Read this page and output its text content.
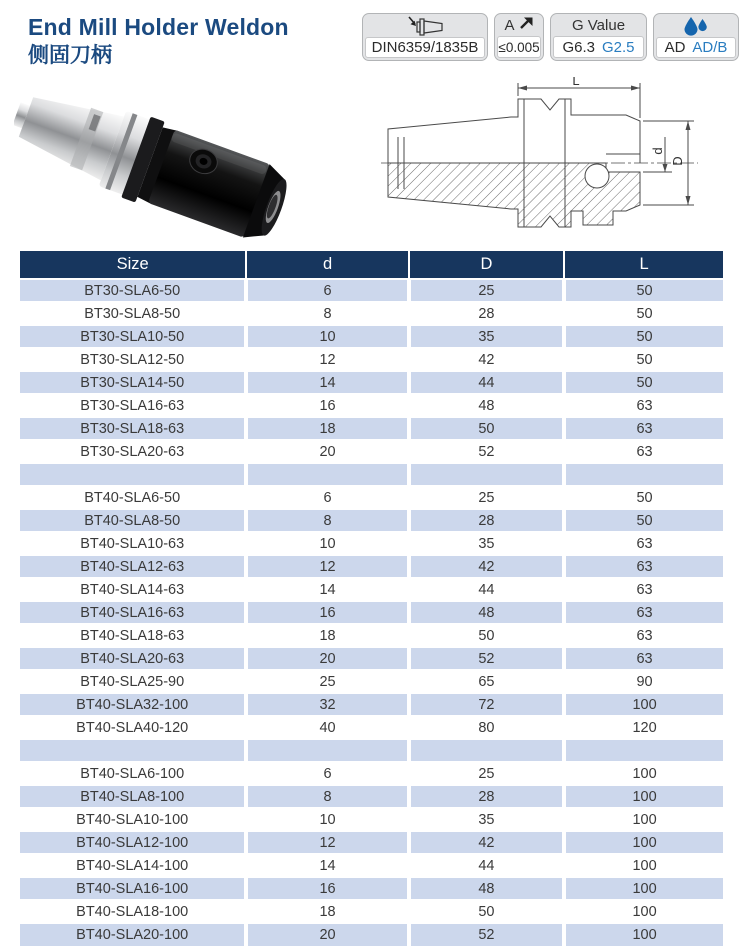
End Mill Holder Weldon
侧固刀柄	DIN6359/1835B
A
≤0.005
G Value
G6.3 G2.5 AD AD/B
L
d
D
Size	d	D	L
BT30-SLA6-50	6	25	50
BT30-SLA8-50	8	28	50
BT30-SLA10-50	10	35	50
BT30-SLA12-50	12	42	50
BT30-SLA14-50	14	44	50
BT30-SLA16-63	16	48	63
BT30-SLA18-63	18	50	63
BT30-SLA20-63	20	52	63

BT40-SLA6-50	6	25	50
BT40-SLA8-50	8	28	50
BT40-SLA10-63	10	35	63
BT40-SLA12-63	12	42	63
BT40-SLA14-63	14	44	63
BT40-SLA16-63	16	48	63
BT40-SLA18-63	18	50	63
BT40-SLA20-63	20	52	63
BT40-SLA25-90	25	65	90
BT40-SLA32-100	32	72	100
BT40-SLA40-120	40	80	120

BT40-SLA6-100	6	25	100
BT40-SLA8-100	8	28	100
BT40-SLA10-100	10	35	100
BT40-SLA12-100	12	42	100
BT40-SLA14-100	14	44	100
BT40-SLA16-100	16	48	100
BT40-SLA18-100	18	50	100
BT40-SLA20-100	20	52	100
